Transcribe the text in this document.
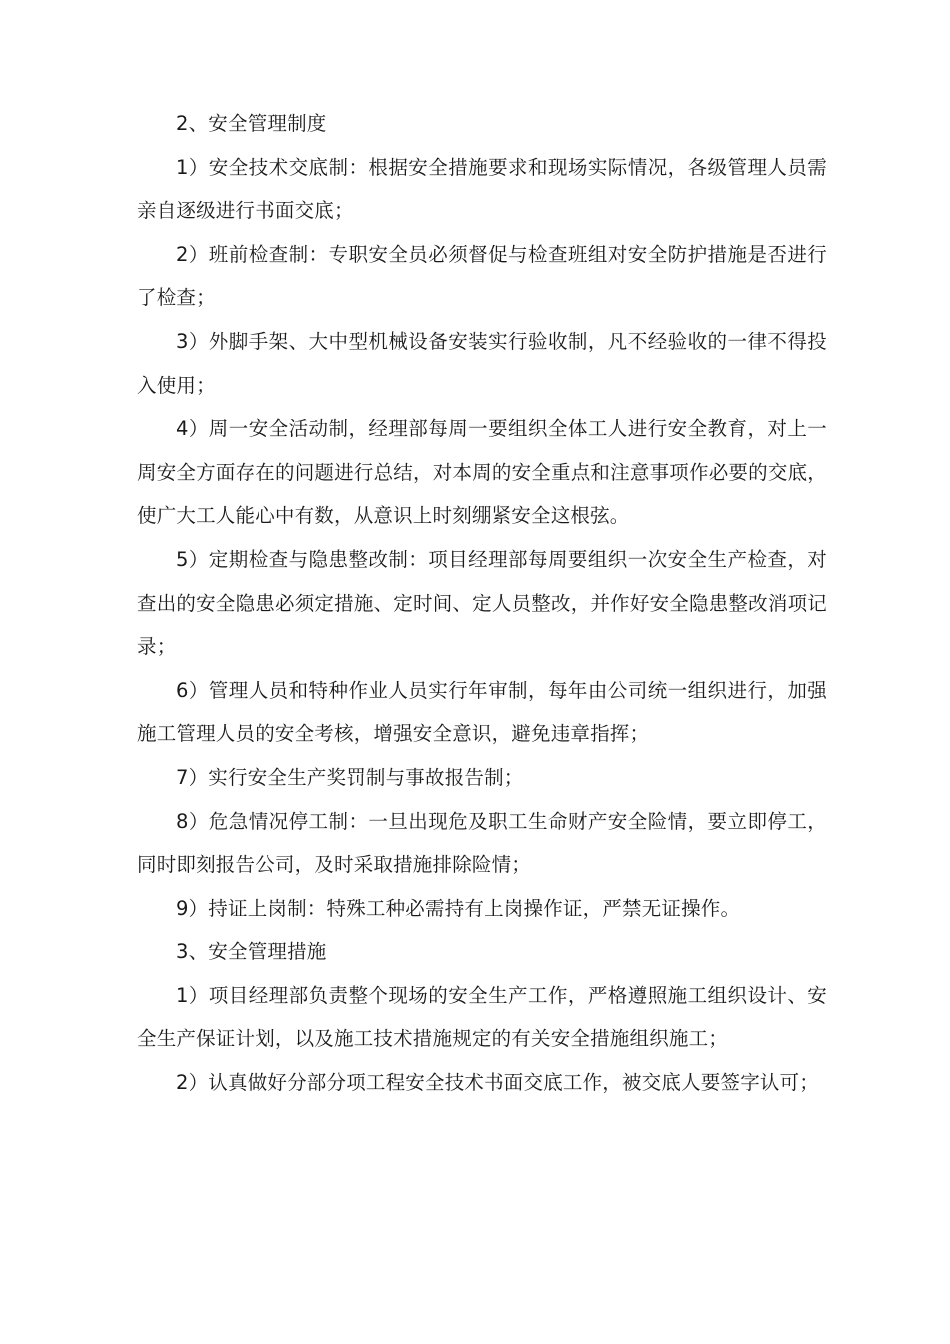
2、安全管理制度

1）安全技术交底制：根据安全措施要求和现场实际情况，各级管理人员需亲自逐级进行书面交底；

2）班前检查制：专职安全员必须督促与检查班组对安全防护措施是否进行了检查；

3）外脚手架、大中型机械设备安装实行验收制，凡不经验收的一律不得投入使用；

4）周一安全活动制，经理部每周一要组织全体工人进行安全教育，对上一周安全方面存在的问题进行总结，对本周的安全重点和注意事项作必要的交底，使广大工人能心中有数，从意识上时刻绷紧安全这根弦。

5）定期检查与隐患整改制：项目经理部每周要组织一次安全生产检查，对查出的安全隐患必须定措施、定时间、定人员整改，并作好安全隐患整改消项记录；

6）管理人员和特种作业人员实行年审制，每年由公司统一组织进行，加强施工管理人员的安全考核，增强安全意识，避免违章指挥；

7）实行安全生产奖罚制与事故报告制；

8）危急情况停工制：一旦出现危及职工生命财产安全险情，要立即停工，同时即刻报告公司，及时采取措施排除险情；

9）持证上岗制：特殊工种必需持有上岗操作证，严禁无证操作。

3、安全管理措施

1）项目经理部负责整个现场的安全生产工作，严格遵照施工组织设计、安全生产保证计划，以及施工技术措施规定的有关安全措施组织施工；

2）认真做好分部分项工程安全技术书面交底工作，被交底人要签字认可；
